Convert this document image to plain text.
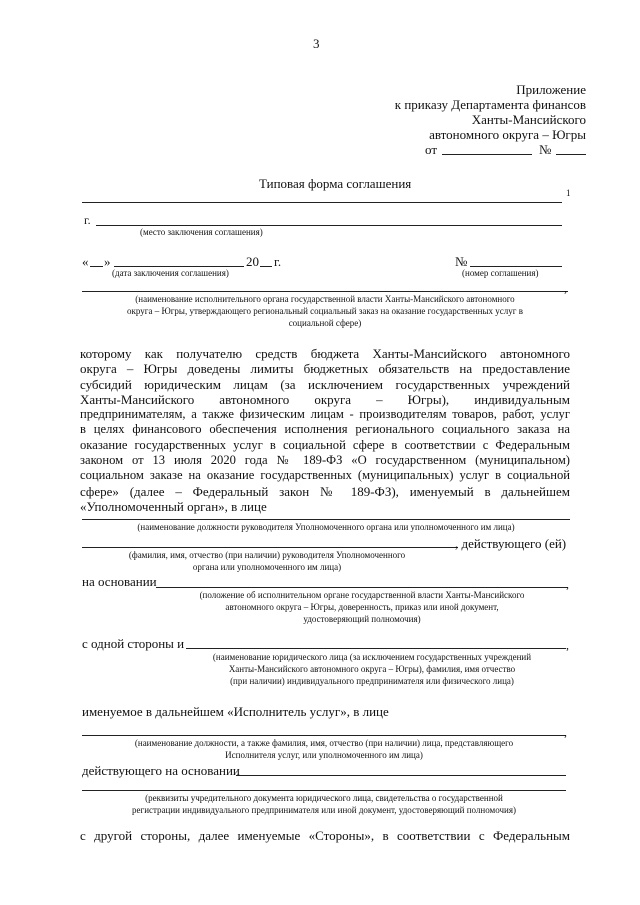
3
Приложение
к приказу Департамента финансов
Ханты-Мансийского
автономного округа – Югры
от	№
Типовая форма соглашения
1
г.
(место заключения соглашения)
« »	20 г.
(дата заключения соглашения)
№
(номер соглашения)
,
(наименование исполнительного органа государственной власти Ханты-Мансийского автономного
округа – Югры, утверждающего региональный социальный заказ на оказание государственных услуг в
социальной сфере)
которому как получателю средств бюджета Ханты-Мансийского автономного
округа – Югры доведены лимиты бюджетных обязательств на предоставление
субсидий юридическим лицам (за исключением государственных учреждений
Ханты-Мансийского автономного округа – Югры), индивидуальным
предпринимателям, а также физическим лицам - производителям товаров, работ, услуг
в целях финансового обеспечения исполнения регионального социального заказа на
оказание государственных услуг в социальной сфере в соответствии с Федеральным
законом от 13 июля 2020 года № 189-ФЗ «О государственном (муниципальном)
социальном заказе на оказание государственных (муниципальных) услуг в социальной
сфере» (далее – Федеральный закон № 189-ФЗ), именуемый в дальнейшем
«Уполномоченный орган», в лице
(наименование должности руководителя Уполномоченного органа или уполномоченного им лица)
, действующего (ей)
(фамилия, имя, отчество (при наличии) руководителя Уполномоченного
органа или уполномоченного им лица)
на основании	,
(положение об исполнительном органе государственной власти Ханты-Мансийского
автономного округа – Югры, доверенность, приказ или иной документ,
удостоверяющий полномочия)
с одной стороны и	,
(наименование юридического лица (за исключением государственных учреждений
Ханты-Мансийского автономного округа – Югры), фамилия, имя отчество
(при наличии) индивидуального предпринимателя или физического лица)
именуемое в дальнейшем «Исполнитель услуг», в лице
,
(наименование должности, а также фамилия, имя, отчество (при наличии) лица, представляющего
Исполнителя услуг, или уполномоченного им лица)
действующего на основании
(реквизиты учредительного документа юридического лица, свидетельства о государственной
регистрации индивидуального предпринимателя или иной документ, удостоверяющий полномочия)
с другой стороны, далее именуемые «Стороны», в соответствии с Федеральным
